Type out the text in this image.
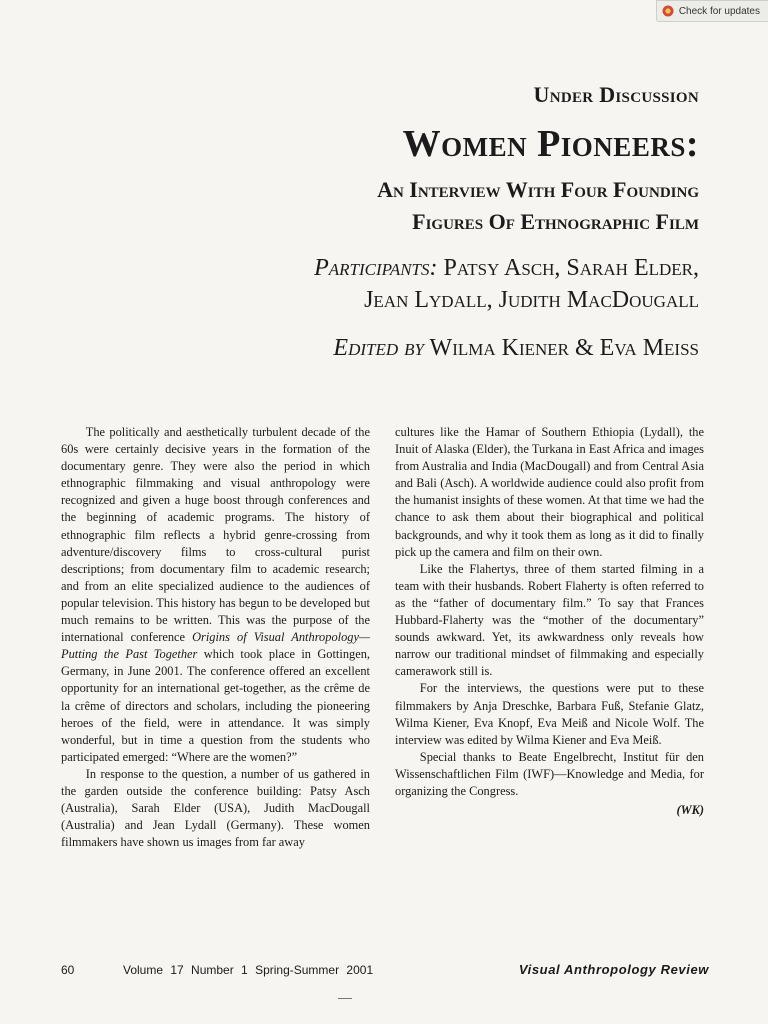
Check for updates
Under Discussion
Women Pioneers:
An Interview With Four Founding
Figures Of Ethnographic Film
Participants: Patsy Asch, Sarah Elder,
Jean Lydall, Judith MacDougall
Edited by Wilma Kiener & Eva Meiß

The politically and aesthetically turbulent decade of the 60s were certainly decisive years in the formation of the documentary genre. They were also the period in which ethnographic filmmaking and visual anthropology were recognized and given a huge boost through conferences and the beginning of academic programs. The history of ethnographic film reflects a hybrid genre-crossing from adventure/discovery films to cross-cultural purist descriptions; from documentary film to academic research; and from an elite specialized audience to the audiences of popular television. This history has begun to be developed but much remains to be written. This was the purpose of the international conference Origins of Visual Anthropology—Putting the Past Together which took place in Gottingen, Germany, in June 2001. The conference offered an excellent opportunity for an international get-together, as the crême de la crême of directors and scholars, including the pioneering heroes of the field, were in attendance. It was simply wonderful, but in time a question from the students who participated emerged: “Where are the women?”

In response to the question, a number of us gathered in the garden outside the conference building: Patsy Asch (Australia), Sarah Elder (USA), Judith MacDougall (Australia) and Jean Lydall (Germany). These women filmmakers have shown us images from far away

cultures like the Hamar of Southern Ethiopia (Lydall), the Inuit of Alaska (Elder), the Turkana in East Africa and images from Australia and India (MacDougall) and from Central Asia and Bali (Asch). A worldwide audience could also profit from the humanist insights of these women. At that time we had the chance to ask them about their biographical and political backgrounds, and why it took them as long as it did to finally pick up the camera and film on their own.

Like the Flahertys, three of them started filming in a team with their husbands. Robert Flaherty is often referred to as the “father of documentary film.” To say that Frances Hubbard-Flaherty was the “mother of the documentary” sounds awkward. Yet, its awkwardness only reveals how narrow our traditional mindset of filmmaking and especially camerawork still is.

For the interviews, the questions were put to these filmmakers by Anja Dreschke, Barbara Fuß, Stefanie Glatz, Wilma Kiener, Eva Knopf, Eva Meiß and Nicole Wolf. The interview was edited by Wilma Kiener and Eva Meiß.

Special thanks to Beate Engelbrecht, Institut für den Wissenschaftlichen Film (IWF)—Knowledge and Media, for organizing the Congress.

(WK)
60	Volume 17 Number 1 Spring-Summer 2001	Visual Anthropology Review
